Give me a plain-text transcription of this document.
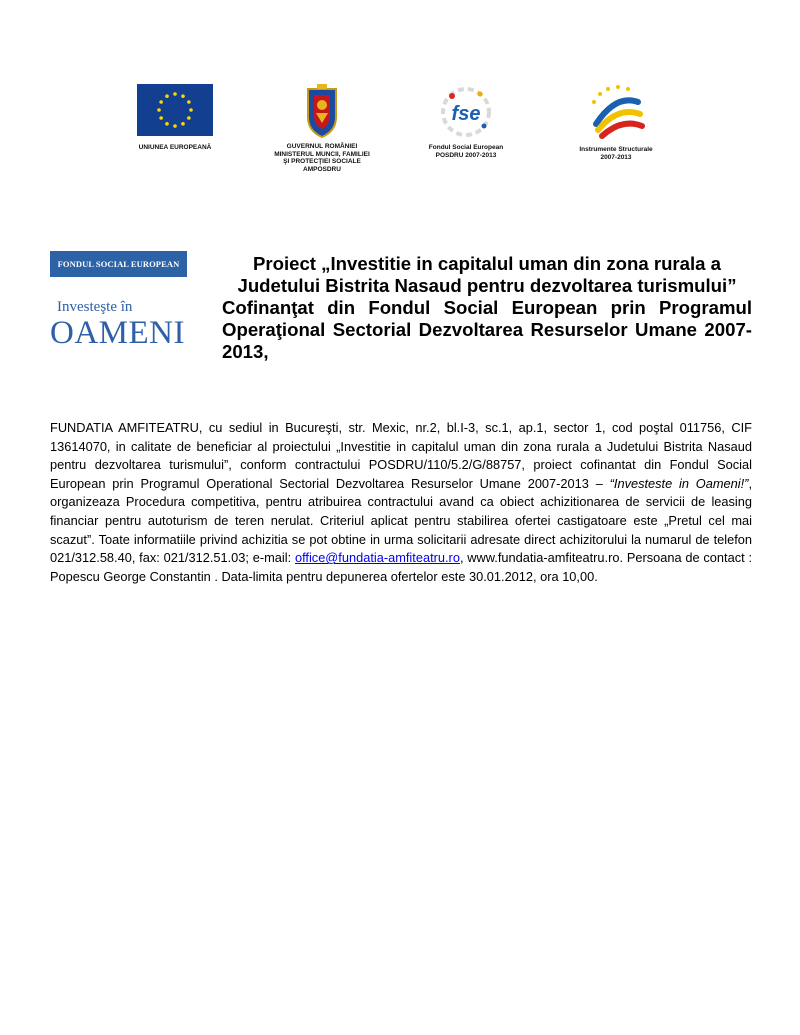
UNIUNEA EUROPEANĂ	GUVERNUL ROMÂNIEI
MINISTERUL MUNCII, FAMILIEI
ŞI PROTECŢIEI SOCIALE
AMPOSDRU
fse
Fondul Social European
POSDRU 2007-2013
Instrumente Structurale
2007-2013
FONDUL SOCIAL EUROPEAN
Investeşte în
OAMENI
Proiect „Investitie in capitalul uman din zona rurala a Judetului Bistrita Nasaud pentru dezvoltarea turismului”
Cofinanţat din Fondul Social European prin Programul Operaţional Sectorial Dezvoltarea Resurselor Umane 2007- 2013,
FUNDATIA AMFITEATRU, cu sediul in Bucureşti, str. Mexic, nr.2, bl.I-3, sc.1, ap.1, sector 1, cod poştal 011756, CIF 13614070, in calitate de beneficiar al proiectului „Investitie in capitalul uman din zona rurala a Judetului Bistrita Nasaud pentru dezvoltarea turismului”, conform contractului POSDRU/110/5.2/G/88757, proiect cofinantat din Fondul Social European prin Programul Operational Sectorial Dezvoltarea Resurselor Umane 2007-2013 – “Investeste in Oameni!”, organizeaza Procedura competitiva, pentru atribuirea contractului avand ca obiect achizitionarea de servicii de leasing financiar pentru autoturism de teren nerulat. Criteriul aplicat pentru stabilirea ofertei castigatoare este „Pretul cel mai scazut”. Toate informatiile privind achizitia se pot obtine in urma solicitarii adresate direct achizitorului la numarul de telefon 021/312.58.40, fax: 021/312.51.03; e-mail: office@fundatia-amfiteatru.ro, www.fundatia-amfiteatru.ro. Persoana de contact : Popescu George Constantin . Data-limita pentru depunerea ofertelor este 30.01.2012, ora 10,00.
